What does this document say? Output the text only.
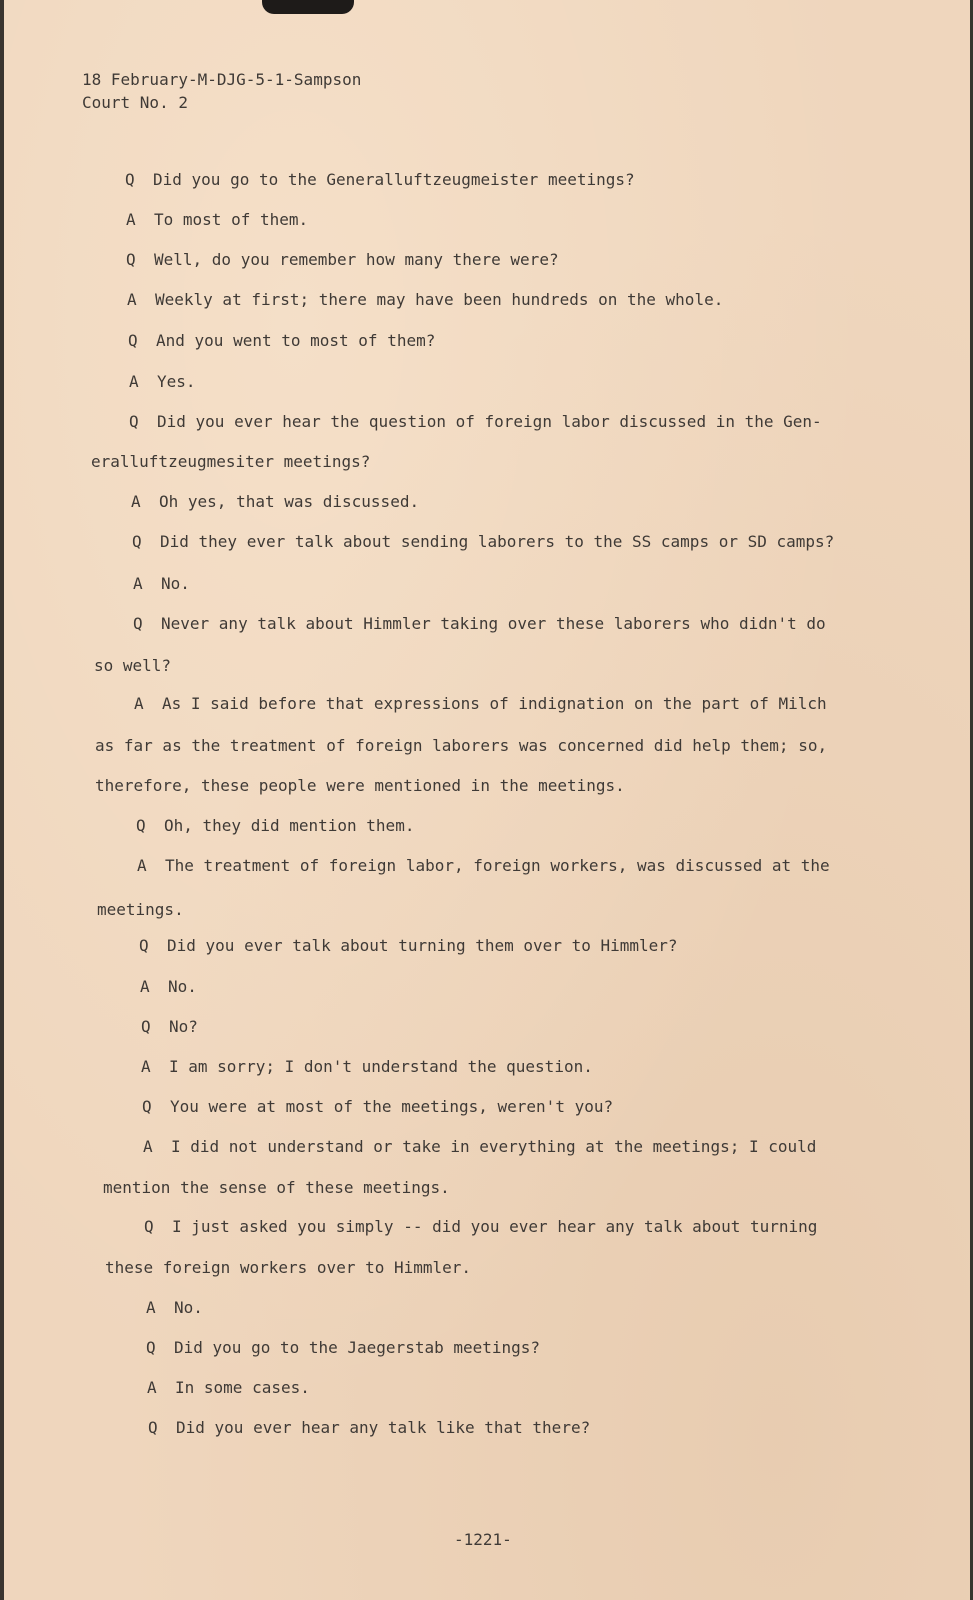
18 February-M-DJG-5-1-Sampson
Court No. 2
Q Did you go to the Generalluftzeugmeister meetings?
A To most of them.
Q Well, do you remember how many there were?
A Weekly at first; there may have been hundreds on the whole.
Q And you went to most of them?
A Yes.
Q Did you ever hear the question of foreign labor discussed in the Gen-
eralluftzeugmesiter meetings?
A Oh yes, that was discussed.
Q Did they ever talk about sending laborers to the SS camps or SD camps?
A No.
Q Never any talk about Himmler taking over these laborers who didn't do
so well?
A As I said before that expressions of indignation on the part of Milch
as far as the treatment of foreign laborers was concerned did help them; so,
therefore, these people were mentioned in the meetings.
Q Oh, they did mention them.
A The treatment of foreign labor, foreign workers, was discussed at the
meetings.
Q Did you ever talk about turning them over to Himmler?
A No.
Q No?
A I am sorry; I don't understand the question.
Q You were at most of the meetings, weren't you?
A I did not understand or take in everything at the meetings; I could
mention the sense of these meetings.
Q I just asked you simply -- did you ever hear any talk about turning
these foreign workers over to Himmler.
A No.
Q Did you go to the Jaegerstab meetings?
A In some cases.
Q Did you ever hear any talk like that there?
-1221-
